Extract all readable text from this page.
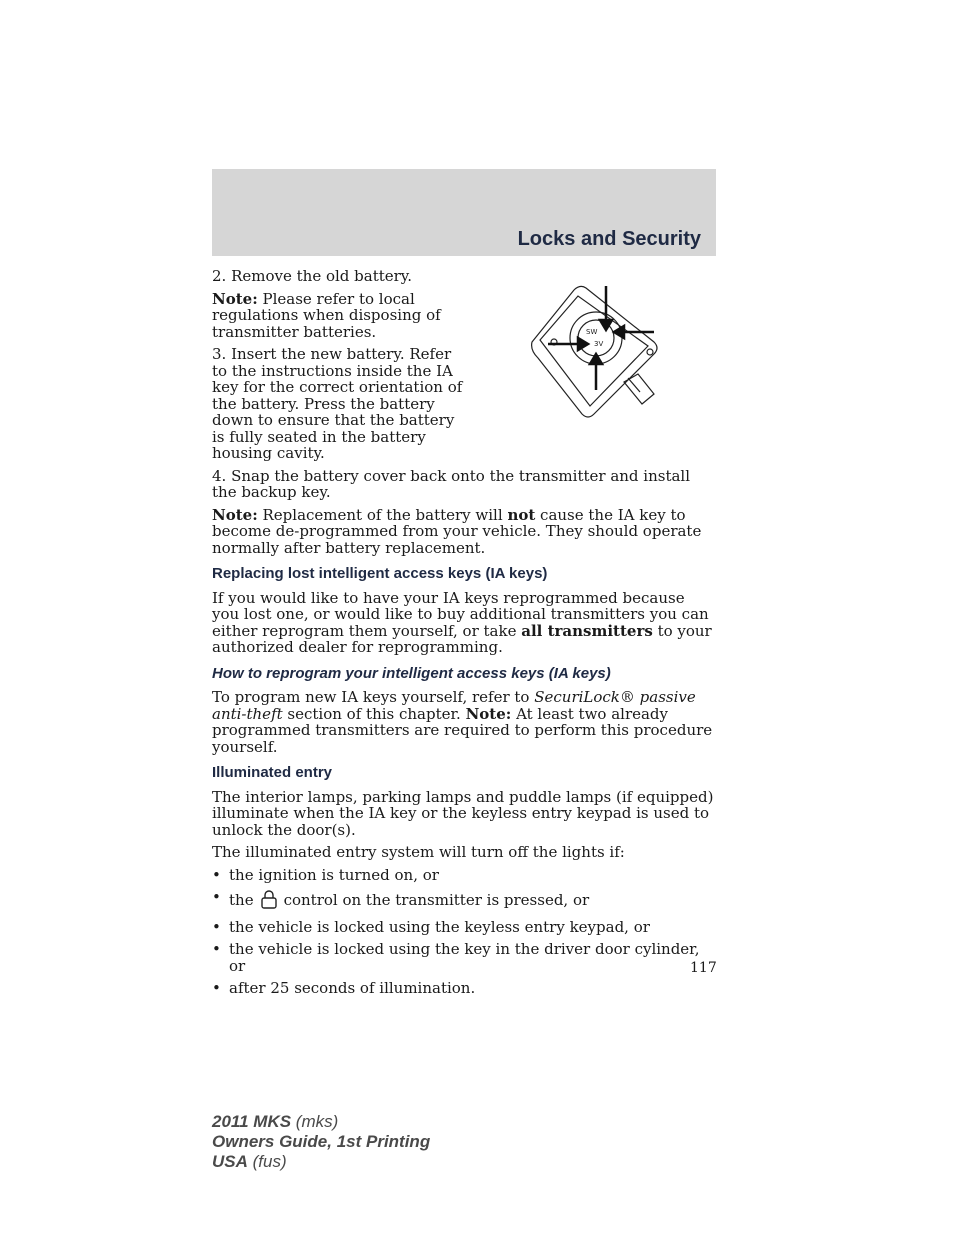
Locks and Security
SW
3V

2. Remove the old battery.

Note: Please refer to local regulations when disposing of transmitter batteries.

3. Insert the new battery. Refer to the instructions inside the IA key for the correct orientation of the battery. Press the battery down to ensure that the battery is fully seated in the battery housing cavity.

4. Snap the battery cover back onto the transmitter and install the backup key.

Note: Replacement of the battery will not cause the IA key to become de-programmed from your vehicle. They should operate normally after battery replacement.

Replacing lost intelligent access keys (IA keys)

If you would like to have your IA keys reprogrammed because you lost one, or would like to buy additional transmitters you can either reprogram them yourself, or take all transmitters to your authorized dealer for reprogramming.

How to reprogram your intelligent access keys (IA keys)

To program new IA keys yourself, refer to SecuriLock® passive anti-theft section of this chapter. Note: At least two already programmed transmitters are required to perform this procedure yourself.

Illuminated entry

The interior lamps, parking lamps and puddle lamps (if equipped) illuminate when the IA key or the keyless entry keypad is used to unlock the door(s).

The illuminated entry system will turn off the lights if:

• the ignition is turned on, or
• the control on the transmitter is pressed, or
• the vehicle is locked using the keyless entry keypad, or
• the vehicle is locked using the key in the driver door cylinder, or
• after 25 seconds of illumination.
117
2011 MKS (mks)
Owners Guide, 1st Printing
USA (fus)
